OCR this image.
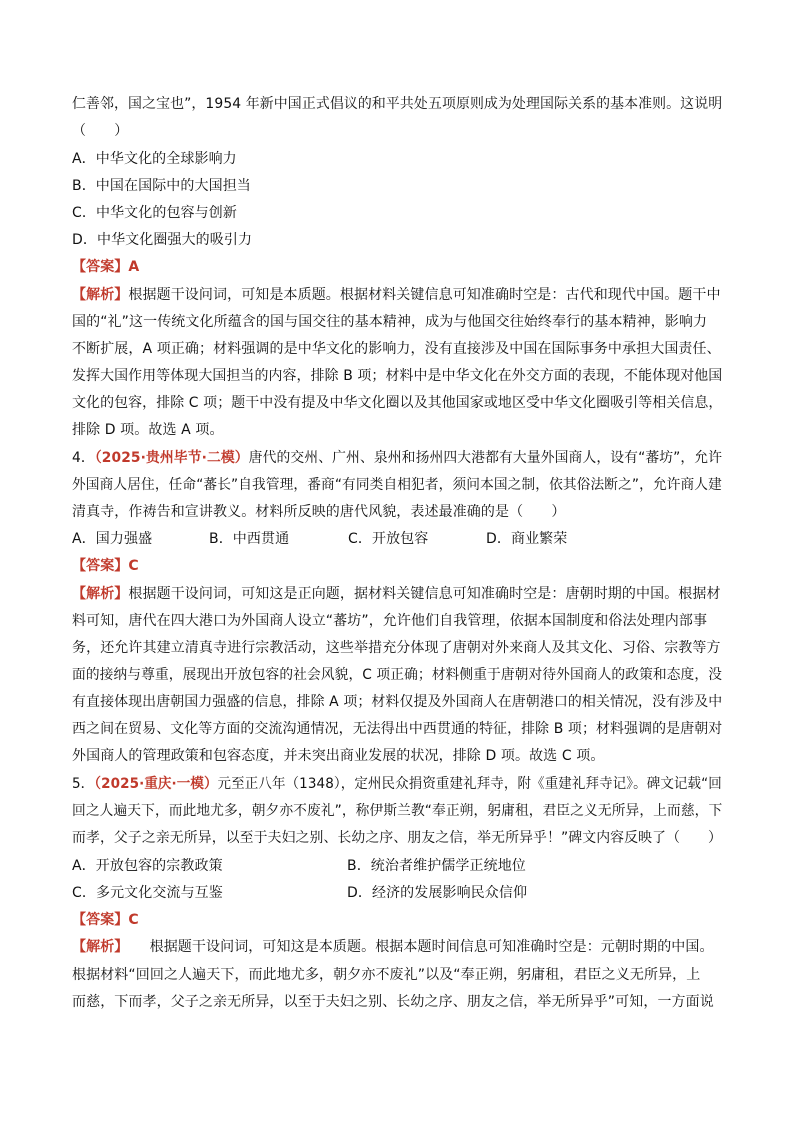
仁善邻，国之宝也”，1954 年新中国正式倡议的和平共处五项原则成为处理国际关系的基本准则。这说明
（　　）
A．中华文化的全球影响力
B．中国在国际中的大国担当
C．中华文化的包容与创新
D．中华文化圈强大的吸引力
【答案】A
【解析】根据题干设问词，可知是本质题。根据材料关键信息可知准确时空是：古代和现代中国。题干中
国的“礼”这一传统文化所蕴含的国与国交往的基本精神，成为与他国交往始终奉行的基本精神，影响力
不断扩展，A 项正确；材料强调的是中华文化的影响力，没有直接涉及中国在国际事务中承担大国责任、
发挥大国作用等体现大国担当的内容，排除 B 项；材料中是中华文化在外交方面的表现，不能体现对他国
文化的包容，排除 C 项；题干中没有提及中华文化圈以及其他国家或地区受中华文化圈吸引等相关信息，
排除 D 项。故选 A 项。
4．（2025·贵州毕节·二模）唐代的交州、广州、泉州和扬州四大港都有大量外国商人，设有“蕃坊”，允许
外国商人居住，任命“蕃长”自我管理，番商“有同类自相犯者，须问本国之制，依其俗法断之”，允许商人建
清真寺，作祷告和宣讲教义。材料所反映的唐代风貌，表述最准确的是（　　）
A．国力强盛	B．中西贯通	C．开放包容	D．商业繁荣
【答案】C
【解析】根据题干设问词，可知这是正向题，据材料关键信息可知准确时空是：唐朝时期的中国。根据材
料可知，唐代在四大港口为外国商人设立“蕃坊”，允许他们自我管理，依据本国制度和俗法处理内部事
务，还允许其建立清真寺进行宗教活动，这些举措充分体现了唐朝对外来商人及其文化、习俗、宗教等方
面的接纳与尊重，展现出开放包容的社会风貌，C 项正确；材料侧重于唐朝对待外国商人的政策和态度，没
有直接体现出唐朝国力强盛的信息，排除 A 项；材料仅提及外国商人在唐朝港口的相关情况，没有涉及中
西之间在贸易、文化等方面的交流沟通情况，无法得出中西贯通的特征，排除 B 项；材料强调的是唐朝对
外国商人的管理政策和包容态度，并未突出商业发展的状况，排除 D 项。故选 C 项。
5．（2025·重庆·一模）元至正八年（1348），定州民众捐资重建礼拜寺，附《重建礼拜寺记》。碑文记载“回
回之人遍天下，而此地尤多，朝夕亦不废礼”，称伊斯兰教“奉正朔，躬庸租，君臣之义无所异，上而慈，下
而孝，父子之亲无所异，以至于夫妇之别、长幼之序、朋友之信，举无所异乎！”碑文内容反映了（　　）
A．开放包容的宗教政策	B．统治者维护儒学正统地位
C．多元文化交流与互鉴	D．经济的发展影响民众信仰
【答案】C
【解析】　　根据题干设问词，可知这是本质题。根据本题时间信息可知准确时空是：元朝时期的中国。
根据材料“回回之人遍天下，而此地尤多，朝夕亦不废礼”以及“奉正朔，躬庸租，君臣之义无所异，上
而慈，下而孝，父子之亲无所异，以至于夫妇之别、长幼之序、朋友之信，举无所异乎”可知，一方面说
